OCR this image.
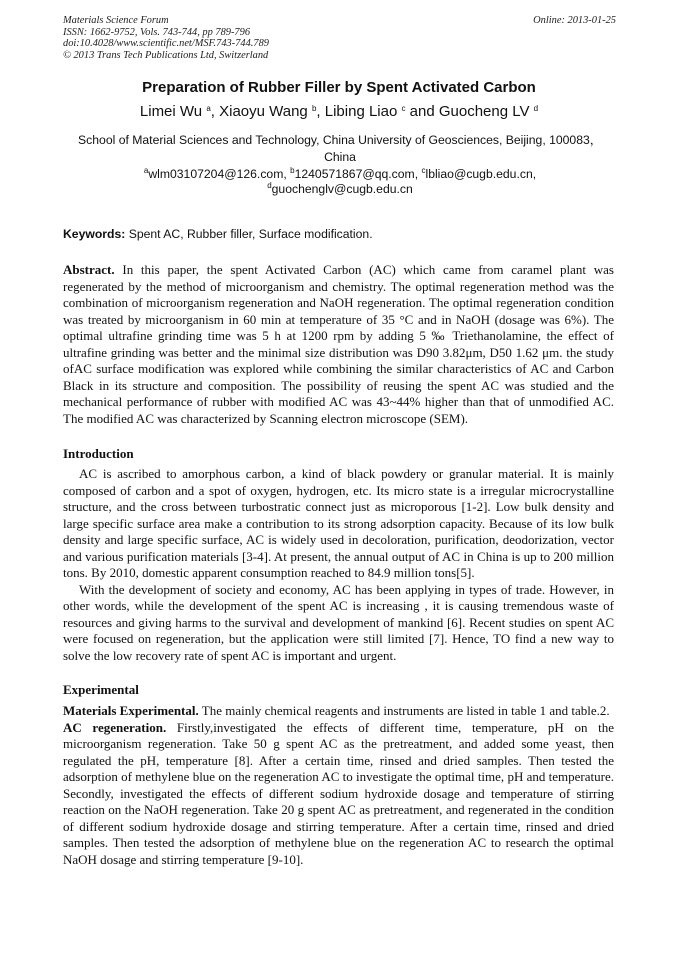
Materials Science Forum
ISSN: 1662-9752, Vols. 743-744, pp 789-796
doi:10.4028/www.scientific.net/MSF.743-744.789
© 2013 Trans Tech Publications Ltd, Switzerland
Online: 2013-01-25
Preparation of Rubber Filler by Spent Activated Carbon
Limei Wu $^a$, Xiaoyu Wang $^b$, Libing Liao $^c$ and Guocheng LV $^d$
School of Material Sciences and Technology, China University of Geosciences, Beijing, 100083，China
$^a$wlm03107204@126.com, $^b$1240571867@qq.com, $^c$lbliao@cugb.edu.cn,
$^d$guochenglv@cugb.edu.cn
Keywords: Spent AC, Rubber filler, Surface modification.

Abstract. In this paper, the spent Activated Carbon (AC) which came from caramel plant was regenerated by the method of microorganism and chemistry. The optimal regeneration method was the combination of microorganism regeneration and NaOH regeneration. The optimal regeneration condition was treated by microorganism in 60 min at temperature of 35 °C and in NaOH (dosage was 6%). The optimal ultrafine grinding time was 5 h at 1200 rpm by adding 5 ‰ Triethanolamine, the effect of ultrafine grinding was better and the minimal size distribution was D90 3.82μm, D50 1.62 μm. the study ofAC surface modification was explored while combining the similar characteristics of AC and Carbon Black in its structure and composition. The possibility of reusing the spent AC was studied and the mechanical performance of rubber with modified AC was 43~44% higher than that of unmodified AC. The modified AC was characterized by Scanning electron microscope (SEM).

Introduction

AC is ascribed to amorphous carbon, a kind of black powdery or granular material. It is mainly composed of carbon and a spot of oxygen, hydrogen, etc. Its micro state is a irregular microcrystalline structure, and the cross between turbostratic connect just as microporous [1-2]. Low bulk density and large specific surface area make a contribution to its strong adsorption capacity. Because of its low bulk density and large specific surface, AC is widely used in decoloration, purification, deodorization, vector and various purification materials [3-4]. At present, the annual output of AC in China is up to 200 million tons. By 2010, domestic apparent consumption reached to 84.9 million tons[5].

With the development of society and economy, AC has been applying in types of trade. However, in other words, while the development of the spent AC is increasing , it is causing tremendous waste of resources and giving harms to the survival and development of mankind [6]. Recent studies on spent AC were focused on regeneration, but the application were still limited [7]. Hence, TO find a new way to solve the low recovery rate of spent AC is important and urgent.

Experimental

Materials Experimental. The mainly chemical reagents and instruments are listed in table 1 and table.2.

AC regeneration. Firstly,investigated the effects of different time, temperature, pH on the microorganism regeneration. Take 50 g spent AC as the pretreatment, and added some yeast, then regulated the pH, temperature [8]. After a certain time, rinsed and dried samples. Then tested the adsorption of methylene blue on the regeneration AC to investigate the optimal time, pH and temperature. Secondly, investigated the effects of different sodium hydroxide dosage and temperature of stirring reaction on the NaOH regeneration. Take 20 g spent AC as pretreatment, and regenerated in the condition of different sodium hydroxide dosage and stirring temperature. After a certain time, rinsed and dried samples. Then tested the adsorption of methylene blue on the regeneration AC to research the optimal NaOH dosage and stirring temperature [9-10].
